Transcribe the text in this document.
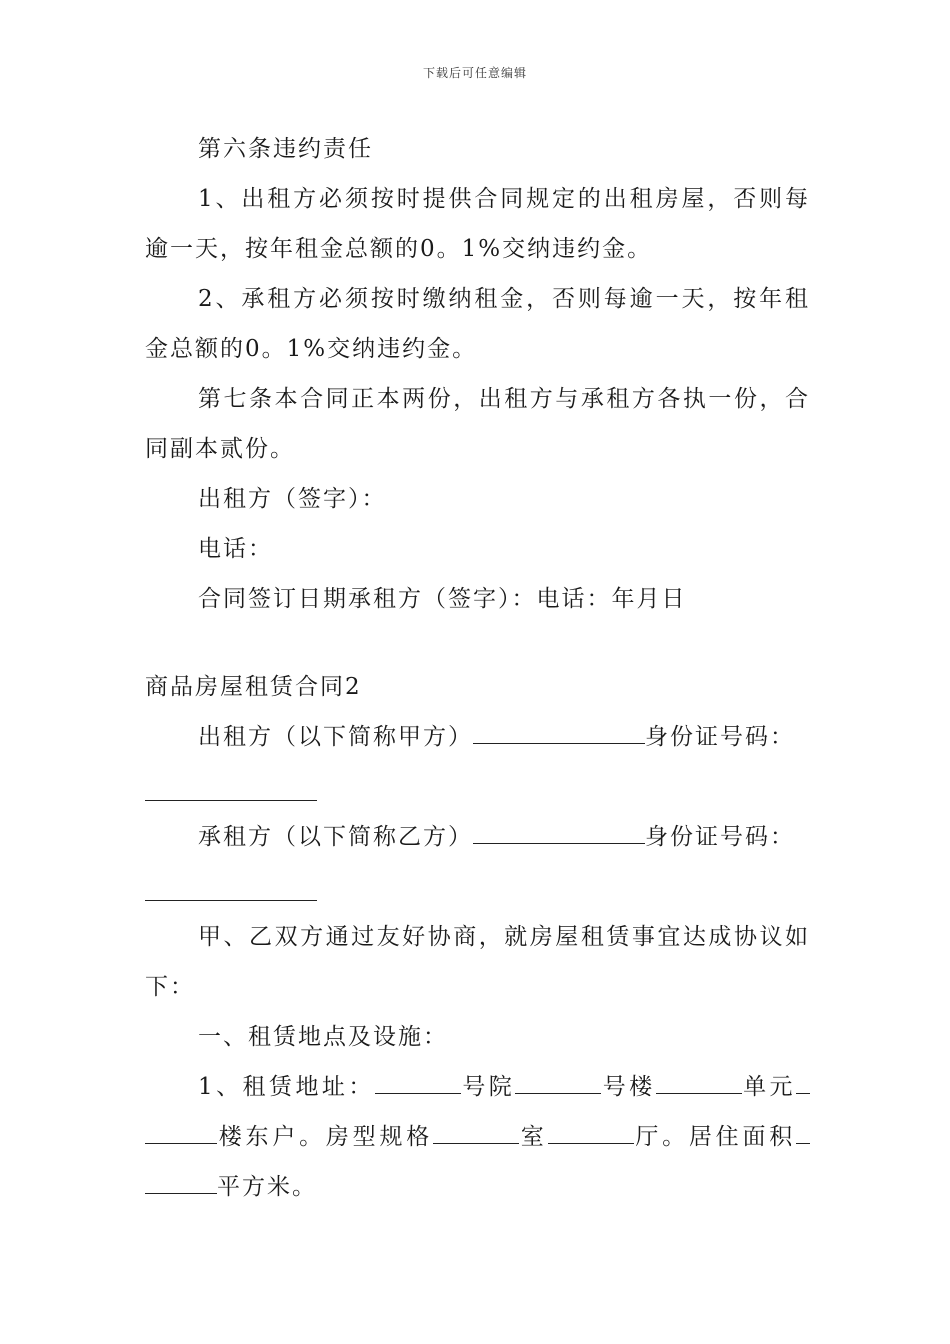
下载后可任意编辑

第六条违约责任

1、出租方必须按时提供合同规定的出租房屋，否则每逾一天，按年租金总额的0。1%交纳违约金。

2、承租方必须按时缴纳租金，否则每逾一天，按年租金总额的0。1%交纳违约金。

第七条本合同正本两份，出租方与承租方各执一份，合同副本贰份。

出租方（签字）：

电话：

合同签订日期承租方（签字）：电话：年月日

商品房屋租赁合同2

出租方（以下简称甲方）	身份证号码：

承租方（以下简称乙方）	身份证号码：

甲、乙双方通过友好协商，就房屋租赁事宜达成协议如下：

一、租赁地点及设施：

1、租赁地址：	号院	号楼	单元楼东户。房型规格	室	厅。居住面积平方米。
